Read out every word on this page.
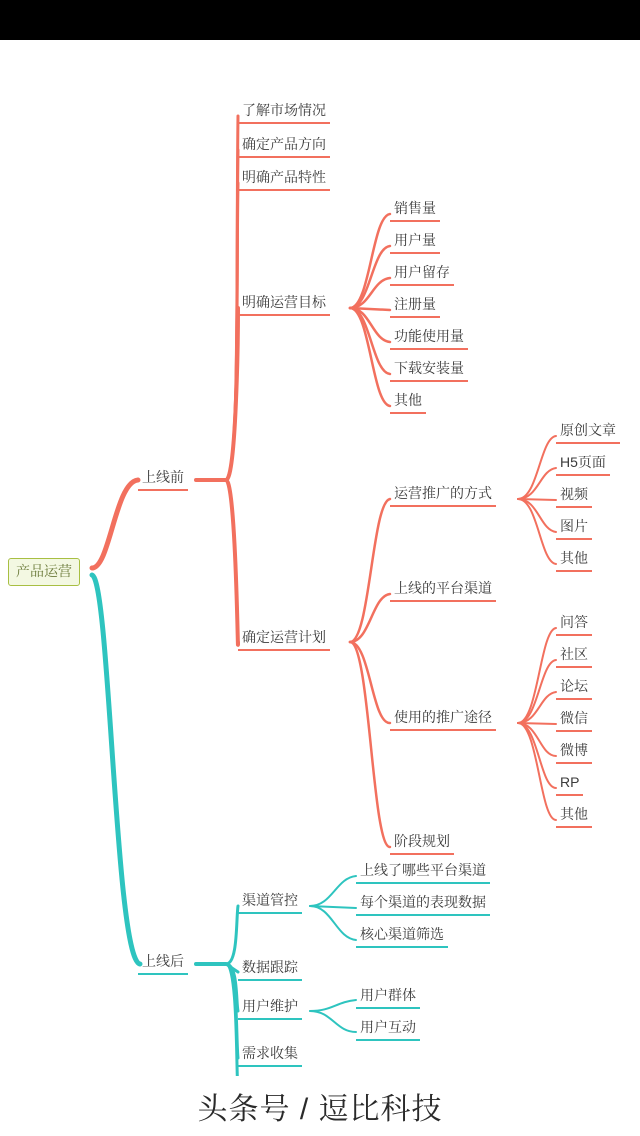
产品运营
上线前
了解市场情况
确定产品方向
明确产品特性
明确运营目标
销售量
用户量
用户留存
注册量
功能使用量
下载安装量
其他
确定运营计划
运营推广的方式
原创文章
H5页面
视频
图片
其他
上线的平台渠道
使用的推广途径
问答
社区
论坛
微信
微博
RP
其他
阶段规划
上线后
渠道管控
上线了哪些平台渠道
每个渠道的表现数据
核心渠道筛选
数据跟踪
用户维护
用户群体
用户互动
需求收集
头条号 / 逗比科技
